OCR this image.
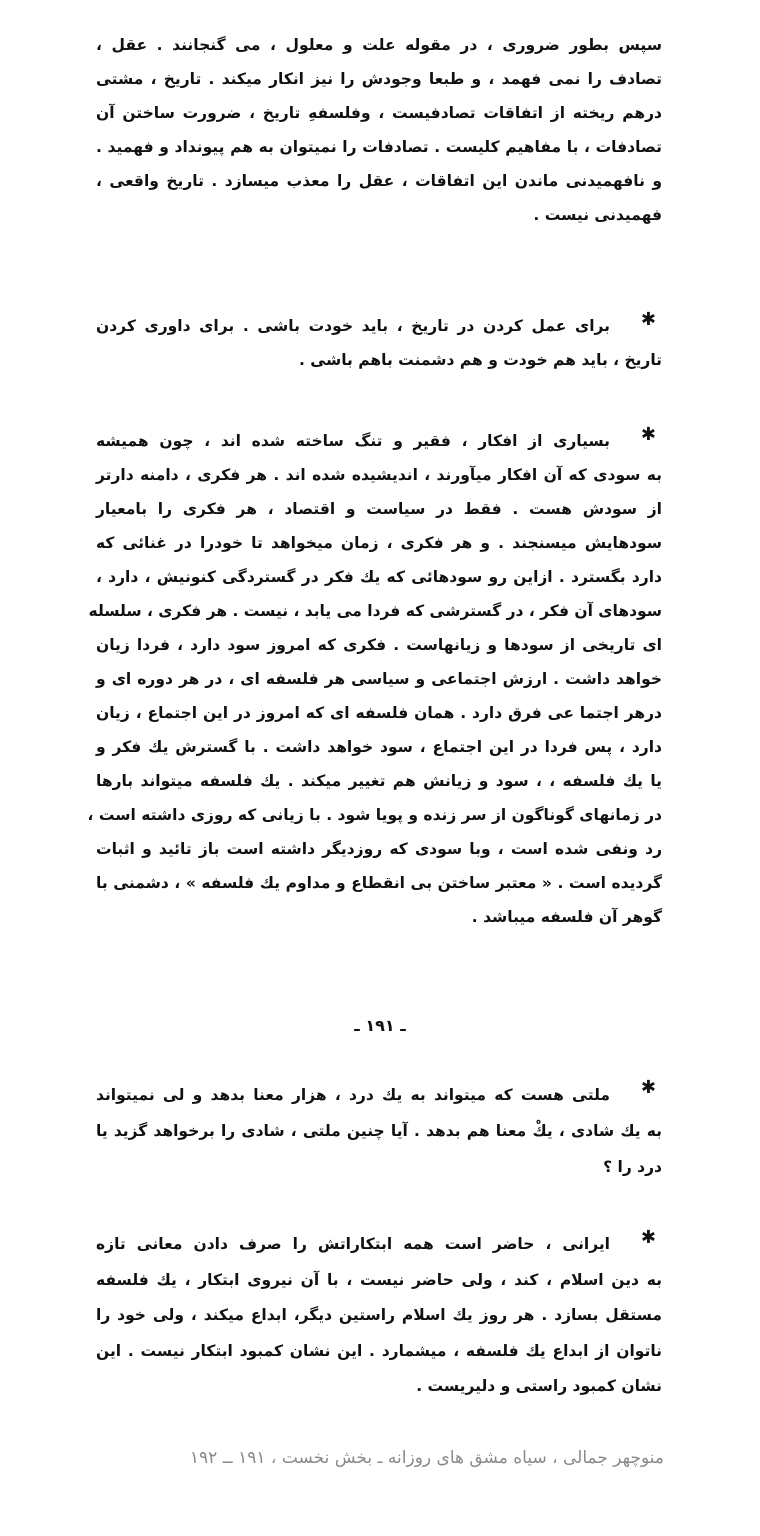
سپس بطور ضروری ، در مقوله علت و معلول ، می گنجانند . عقل ،
تصادف را نمی فهمد ، و طبعا وجودش را نیز انکار میکند . تاریخ ، مشتی
درهم ریخته از اتفاقات تصادفیست ، وفلسفهِ تاریخ ، ضرورت ساختن آن
تصادفات ، با مفاهیم کلیست . تصادفات را نمیتوان به هم پیونداد و فهمید .
و نافهمیدنی ماندن این اتفاقات ، عقل را معذب میسازد . تاریخ واقعی ،
فهمیدنی نیست .
✱
برای عمل کردن در تاریخ ، باید خودت باشی . برای داوری کردن
تاریخ ، باید هم خودت و هم دشمنت باهم باشی .
✱
بسیاری از افکار ، فقیر و تنگ ساخته شده اند ، چون همیشه
به سودی که آن افکار میآورند ، اندیشیده شده اند . هر فکری ، دامنه دارتر
از سودش هست . فقط در سیاست و اقتصاد ، هر فکری را بامعیار
سودهایش میسنجند . و هر فکری ، زمان میخواهد تا خودرا در غنائی که
دارد بگسترد . ازاین رو سودهائی که یك فکر در گستردگی کنونیش ، دارد ،
سودهای آن فکر ، در گسترشی که فردا می یابد ، نیست . هر فکری ، سلسله
ای تاریخی از سودها و زیانهاست . فکری که امروز سود دارد ، فردا زیان
خواهد داشت . ارزش اجتماعی و سیاسی هر فلسفه ای ، در هر دوره ای و
درهر اجتما عی فرق دارد . همان فلسفه ای که امروز در این اجتماع ، زیان
دارد ، پس فردا در این اجتماع ، سود خواهد داشت . با گسترش یك فکر و
یا یك فلسفه ، ، سود و زیانش هم تغییر میکند . یك فلسفه میتواند بارها
در زمانهای گوناگون از سر زنده و پویا شود . با زیانی که روزی داشته است ،
رد ونفی شده است ، وبا سودی که روزدیگر داشته است باز تائید و اثبات
گردیده است . « معتبر ساختن بی انقطاع و مداوم یك فلسفه » ، دشمنی با
گوهر آن فلسفه میباشد .
ـ ۱۹۱ ـ
✱
ملتی هست که میتواند به یك درد ، هزار معنا بدهد و لی نمیتواند
به یك شادی ، یكْ معنا هم بدهد . آیا چنین ملتی ، شادی را برخواهد گزید یا
درد را ؟
✱
ایرانی ، حاضر است همه ابتکاراتش را صرف دادن معانی تازه
به دین اسلام ، کند ، ولی حاضر نیست ، با آن نیروی ابتکار ، یك فلسفه
مستقل بسازد . هر روز یك اسلام راستین دیگر، ابداع میکند ، ولی خود را
ناتوان از ابداع یك فلسفه ، میشمارد . این نشان کمبود ابتکار نیست . این
نشان کمبود راستی و دلیریست .
منوچهر جمالی ، سیاه مشق های روزانه ـ بخش نخست ، ۱۹۱ ــ ۱۹۲
